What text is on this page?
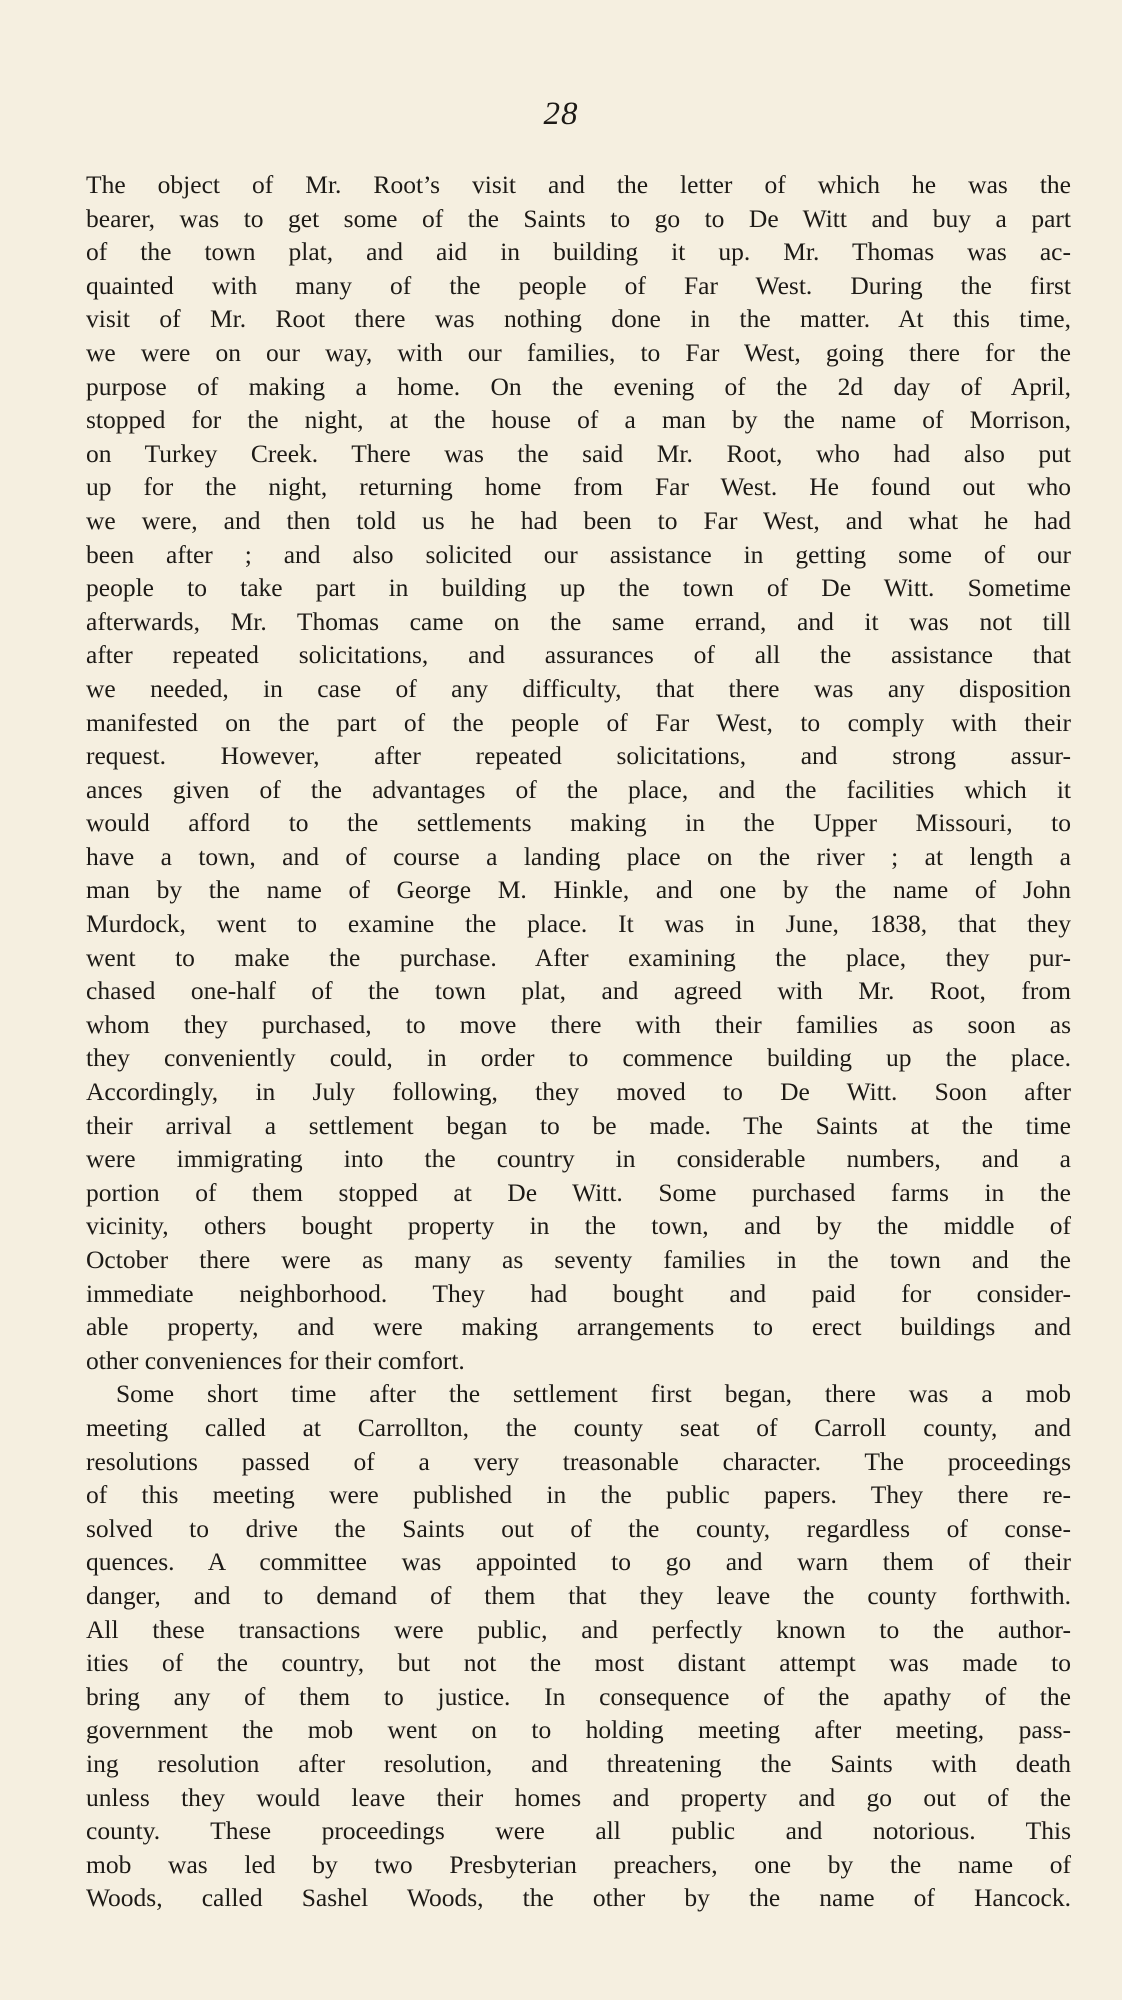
28
The object of Mr. Root’s visit and the letter of which he was the
bearer, was to get some of the Saints to go to De Witt and buy a part
of the town plat, and aid in building it up. Mr. Thomas was ac-
quainted with many of the people of Far West. During the first
visit of Mr. Root there was nothing done in the matter. At this time,
we were on our way, with our families, to Far West, going there for the
purpose of making a home. On the evening of the 2d day of April,
stopped for the night, at the house of a man by the name of Morrison,
on Turkey Creek. There was the said Mr. Root, who had also put
up for the night, returning home from Far West. He found out who
we were, and then told us he had been to Far West, and what he had
been after ; and also solicited our assistance in getting some of our
people to take part in building up the town of De Witt. Sometime
afterwards, Mr. Thomas came on the same errand, and it was not till
after repeated solicitations, and assurances of all the assistance that
we needed, in case of any difficulty, that there was any disposition
manifested on the part of the people of Far West, to comply with their
request. However, after repeated solicitations, and strong assur-
ances given of the advantages of the place, and the facilities which it
would afford to the settlements making in the Upper Missouri, to
have a town, and of course a landing place on the river ; at length a
man by the name of George M. Hinkle, and one by the name of John
Murdock, went to examine the place. It was in June, 1838, that they
went to make the purchase. After examining the place, they pur-
chased one-half of the town plat, and agreed with Mr. Root, from
whom they purchased, to move there with their families as soon as
they conveniently could, in order to commence building up the place.
Accordingly, in July following, they moved to De Witt. Soon after
their arrival a settlement began to be made. The Saints at the time
were immigrating into the country in considerable numbers, and a
portion of them stopped at De Witt. Some purchased farms in the
vicinity, others bought property in the town, and by the middle of
October there were as many as seventy families in the town and the
immediate neighborhood. They had bought and paid for consider-
able property, and were making arrangements to erect buildings and
other conveniences for their comfort.
Some short time after the settlement first began, there was a mob
meeting called at Carrollton, the county seat of Carroll county, and
resolutions passed of a very treasonable character. The proceedings
of this meeting were published in the public papers. They there re-
solved to drive the Saints out of the county, regardless of conse-
quences. A committee was appointed to go and warn them of their
danger, and to demand of them that they leave the county forthwith.
All these transactions were public, and perfectly known to the author-
ities of the country, but not the most distant attempt was made to
bring any of them to justice. In consequence of the apathy of the
government the mob went on to holding meeting after meeting, pass-
ing resolution after resolution, and threatening the Saints with death
unless they would leave their homes and property and go out of the
county. These proceedings were all public and notorious. This
mob was led by two Presbyterian preachers, one by the name of
Woods, called Sashel Woods, the other by the name of Hancock.
